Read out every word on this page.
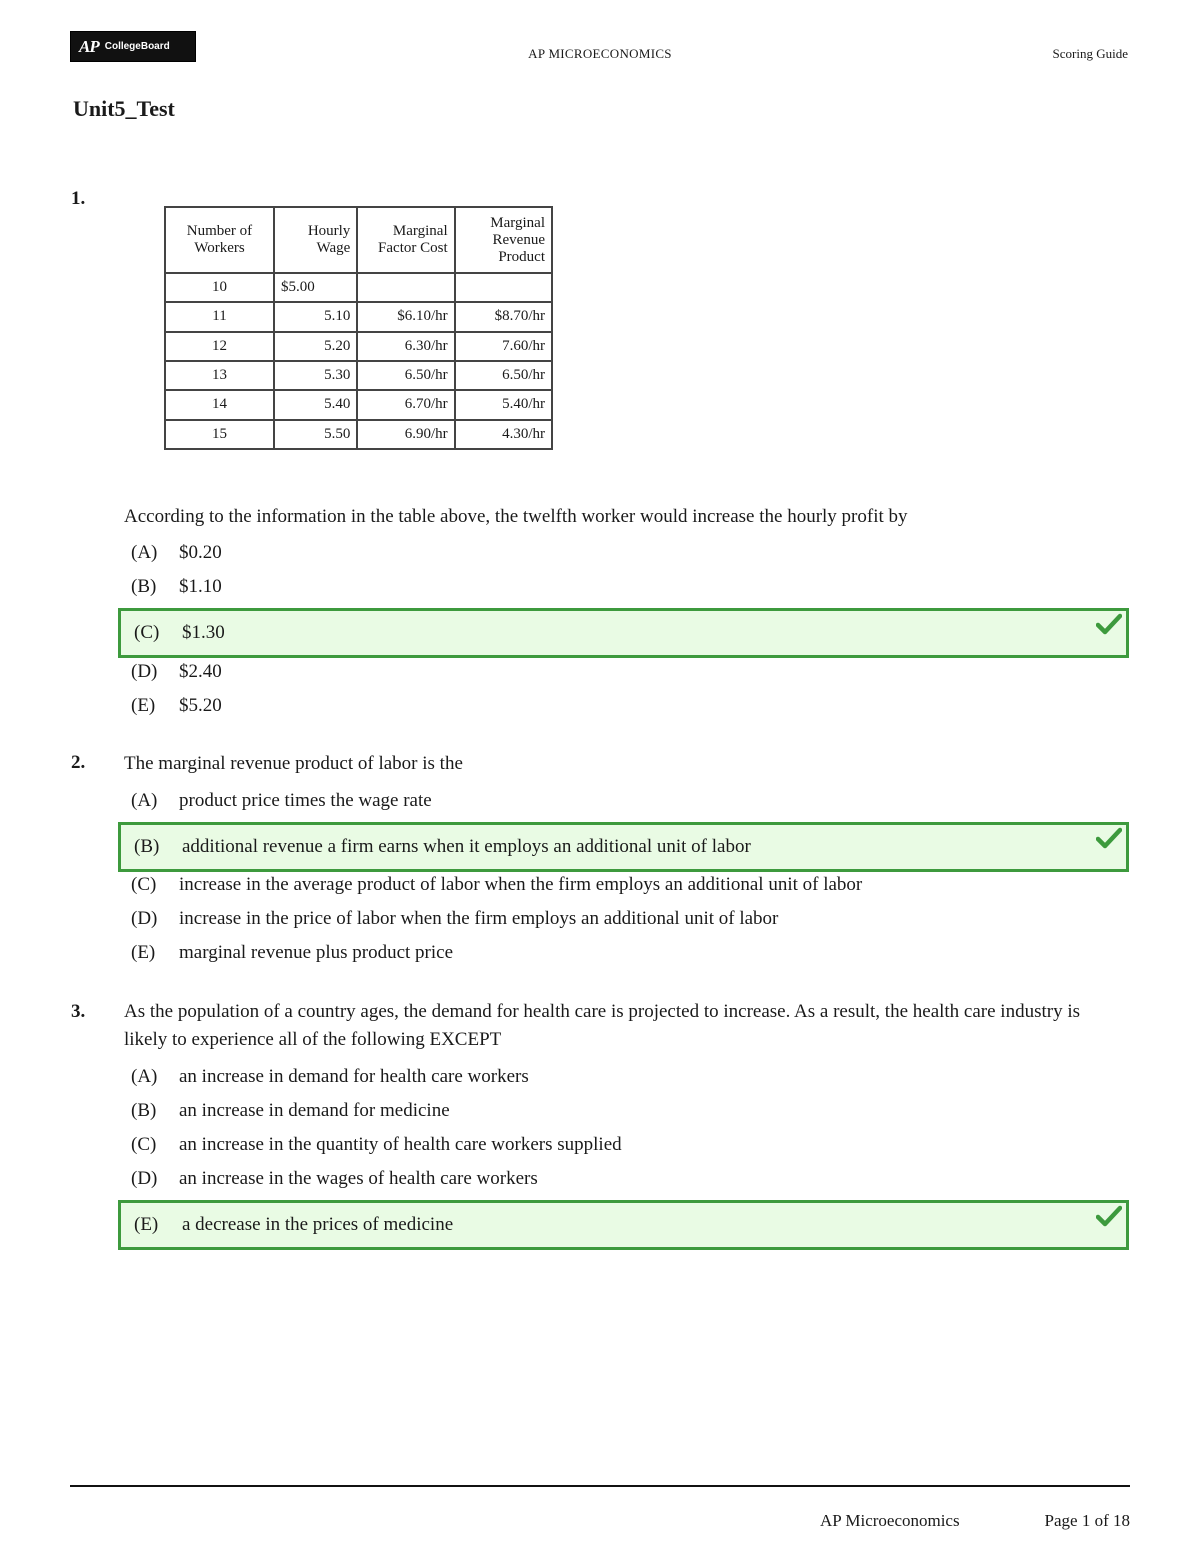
AP CollegeBoard	AP MICROECONOMICS	Scoring Guide
Unit5_Test
1.
Number of Workers	Hourly Wage	Marginal Factor Cost	Marginal Revenue Product
10	$5.00		
11	5.10	$6.10/hr	$8.70/hr
12	5.20	6.30/hr	7.60/hr
13	5.30	6.50/hr	6.50/hr
14	5.40	6.70/hr	5.40/hr
15	5.50	6.90/hr	4.30/hr
According to the information in the table above, the twelfth worker would increase the hourly profit by
(A)	$0.20
(B)	$1.10
(C)	$1.30
(D)	$2.40
(E)	$5.20
2. The marginal revenue product of labor is the
(A)	product price times the wage rate
(B)	additional revenue a firm earns when it employs an additional unit of labor
(C)	increase in the average product of labor when the firm employs an additional unit of labor
(D)	increase in the price of labor when the firm employs an additional unit of labor
(E)	marginal revenue plus product price
3. As the population of a country ages, the demand for health care is projected to increase. As a result, the health care industry is likely to experience all of the following EXCEPT
(A)	an increase in demand for health care workers
(B)	an increase in demand for medicine
(C)	an increase in the quantity of health care workers supplied
(D)	an increase in the wages of health care workers
(E)	a decrease in the prices of medicine
AP Microeconomics	Page 1 of 18
